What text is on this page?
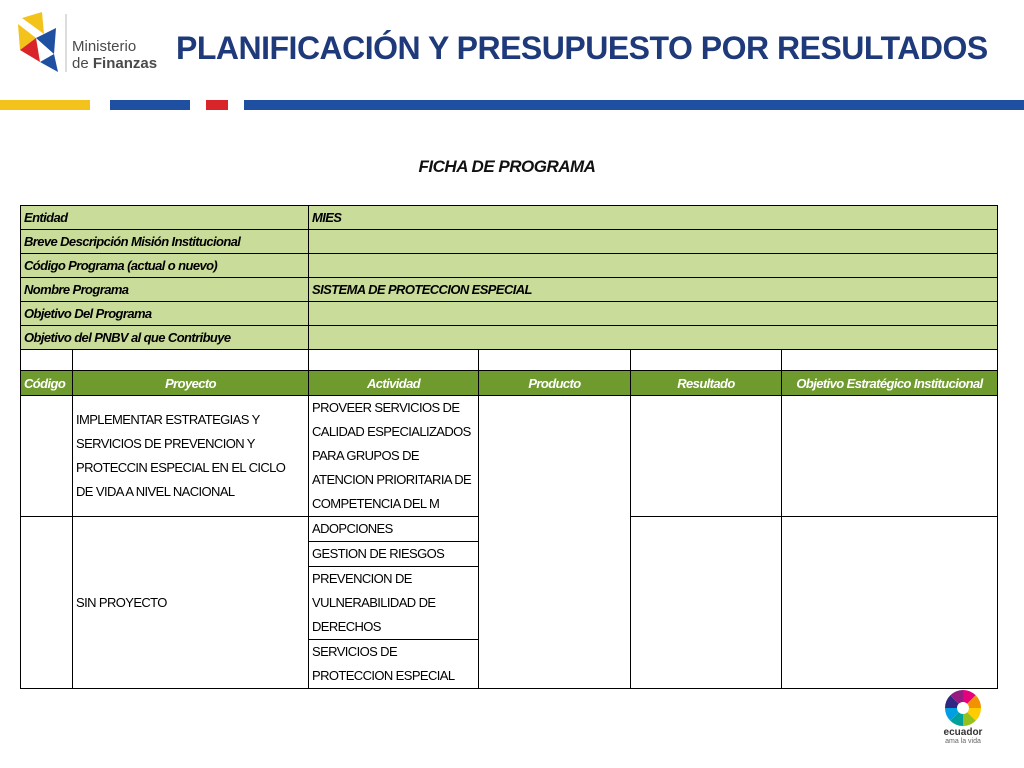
Ministerio
de Finanzas PLANIFICACIÓN Y PRESUPUESTO POR RESULTADOS
FICHA DE PROGRAMA
Entidad		MIES			
Breve Descripción Misión Institucional					
Código Programa (actual o nuevo)					
Nombre Programa		SISTEMA DE PROTECCION ESPECIAL			
Objetivo Del Programa					
Objetivo del PNBV al que Contribuye					

Código	Proyecto	Actividad	Producto	Resultado	Objetivo Estratégico Institucional
	IMPLEMENTAR ESTRATEGIAS Y SERVICIOS DE PREVENCION Y PROTECCIN ESPECIAL EN EL CICLO DE VIDA A NIVEL NACIONAL	PROVEER SERVICIOS DE CALIDAD ESPECIALIZADOS PARA GRUPOS DE ATENCION PRIORITARIA DE COMPETENCIA DEL M			
	SIN PROYECTO	ADOPCIONES			
		GESTION DE RIESGOS			
		PREVENCION DE VULNERABILIDAD DE DERECHOS			
		SERVICIOS DE PROTECCION ESPECIAL			
ecuador
ama la vida
